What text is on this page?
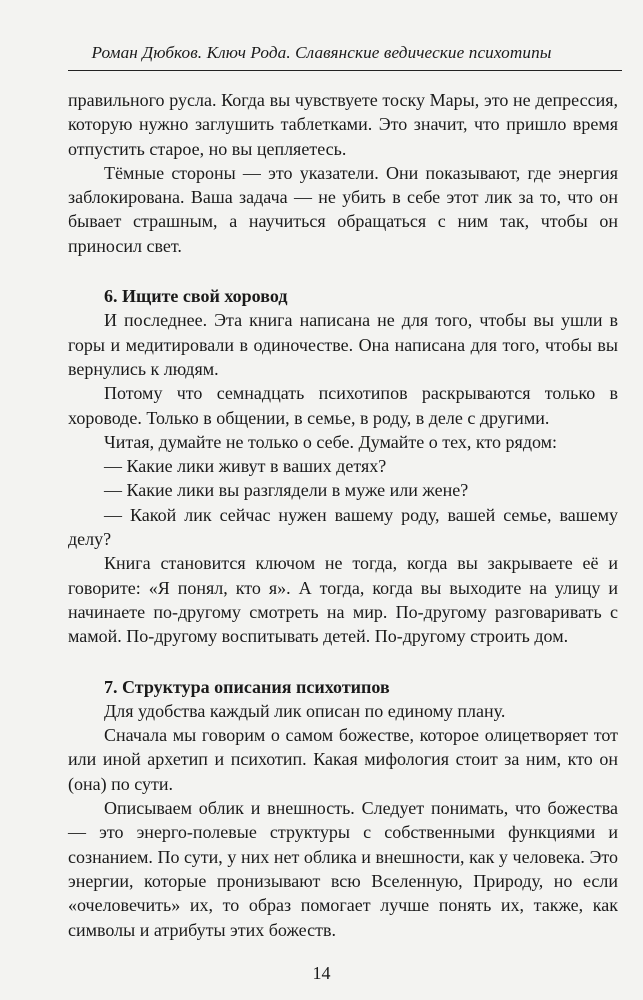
Роман Дюбков. Ключ Рода. Славянские ведические психотипы

правильного русла. Когда вы чувствуете тоску Мары, это не депрессия, которую нужно заглушить таблетками. Это значит, что пришло время отпустить старое, но вы цепляетесь.

Тёмные стороны — это указатели. Они показывают, где энергия заблокирована. Ваша задача — не убить в себе этот лик за то, что он бывает страшным, а научиться обращаться с ним так, чтобы он приносил свет.

6. Ищите свой хоровод

И последнее. Эта книга написана не для того, чтобы вы ушли в горы и медитировали в одиночестве. Она написана для того, чтобы вы вернулись к людям.

Потому что семнадцать психотипов раскрываются только в хороводе. Только в общении, в семье, в роду, в деле с другими.

Читая, думайте не только о себе. Думайте о тех, кто рядом:

— Какие лики живут в ваших детях?

— Какие лики вы разглядели в муже или жене?

— Какой лик сейчас нужен вашему роду, вашей семье, вашему делу?

Книга становится ключом не тогда, когда вы закрываете её и говорите: «Я понял, кто я». А тогда, когда вы выходите на улицу и начинаете по-другому смотреть на мир. По-другому разговаривать с мамой. По-другому воспитывать детей. По-другому строить дом.

7. Структура описания психотипов

Для удобства каждый лик описан по единому плану.

Сначала мы говорим о самом божестве, которое олицетворяет тот или иной архетип и психотип. Какая мифология стоит за ним, кто он (она) по сути.

Описываем облик и внешность. Следует понимать, что божества — это энерго-полевые структуры с собственными функциями и сознанием. По сути, у них нет облика и внешности, как у человека. Это энергии, которые пронизывают всю Вселенную, Природу, но если «очеловечить» их, то образ помогает лучше понять их, также, как символы и атрибуты этих божеств.

14
